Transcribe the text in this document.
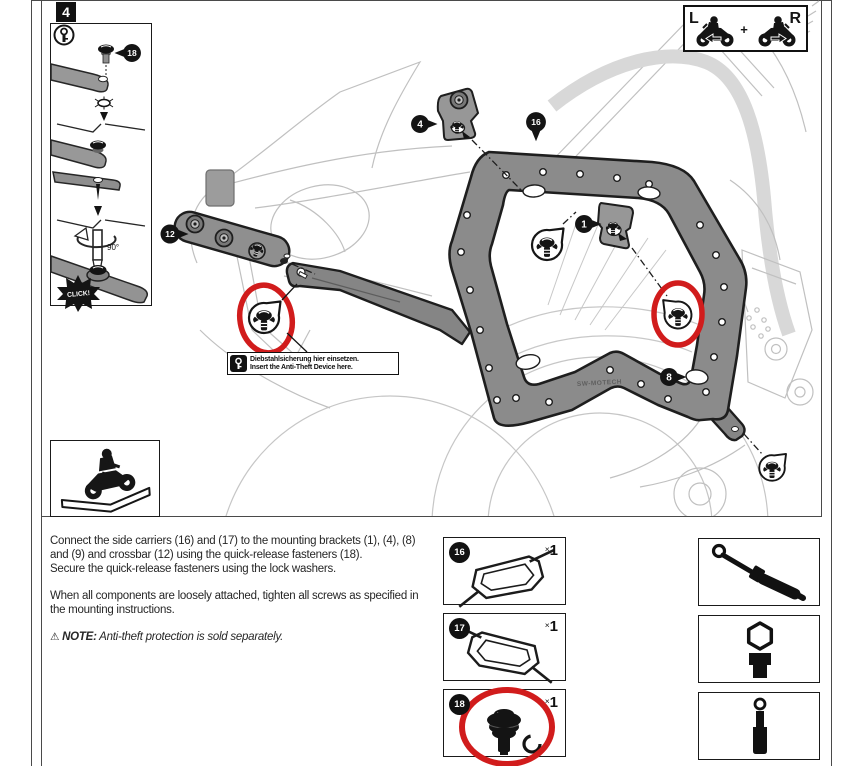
SW-MOTECH
4	16
1
8
12
4	L	R
+
18
90°
CLICK!
Diebstahlsicherung hier einsetzen.
Insert the Anti-Theft Device here.
Connect the side carriers (16) and (17) to the mounting brackets (1), (4), (8)
and (9) and crossbar (12) using the quick-release fasteners (18).
Secure the quick-release fasteners using the lock washers.
When all components are loosely attached, tighten all screws as specified in
the mounting instructions.
⚠ NOTE: Anti-theft protection is sold separately.
16	×1
17	×1
18	×1
